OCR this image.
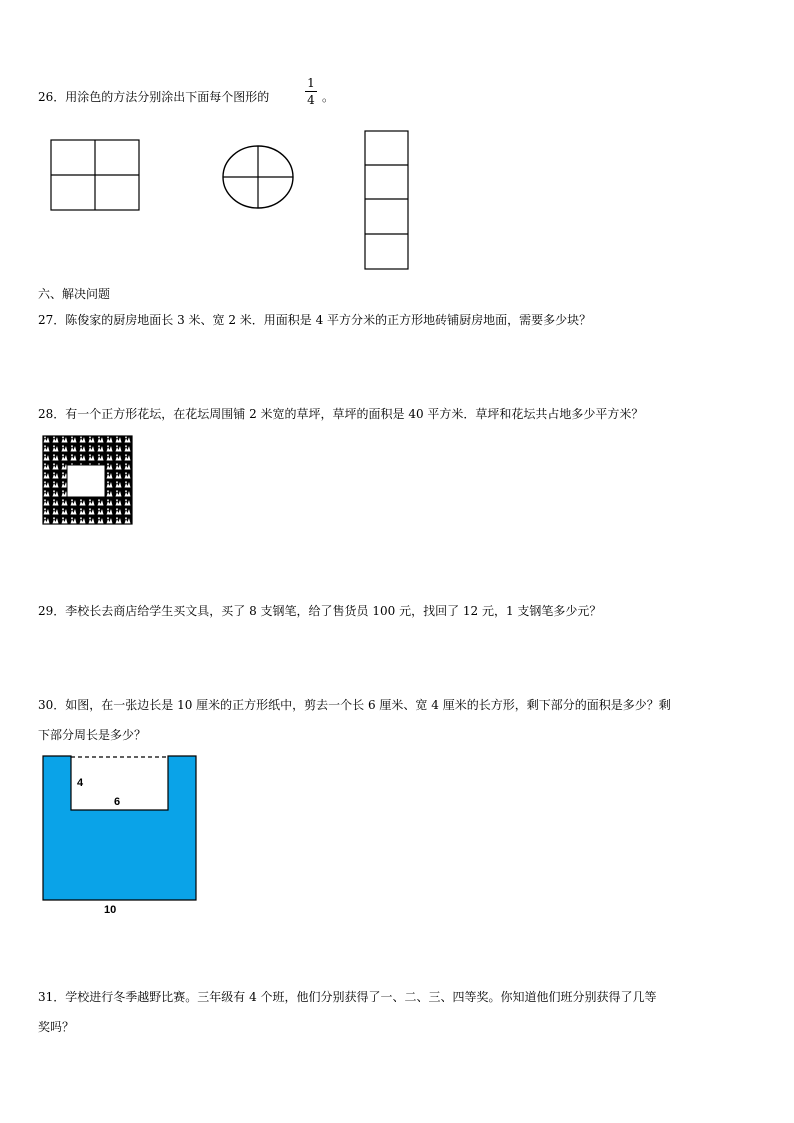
26．用涂色的方法分别涂出下面每个图形的
1
4 。
六、解决问题
27．陈俊家的厨房地面长 3 米、宽 2 米．用面积是 4 平方分米的正方形地砖铺厨房地面，需要多少块？
28．有一个正方形花坛，在花坛周围铺 2 米宽的草坪，草坪的面积是 40 平方米．草坪和花坛共占地多少平方米？
29．李校长去商店给学生买文具，买了 8 支钢笔，给了售货员 100 元，找回了 12 元，1 支钢笔多少元？
30．如图，在一张边长是 10 厘米的正方形纸中，剪去一个长 6 厘米、宽 4 厘米的长方形，剩下部分的面积是多少？剩
下部分周长是多少？
4
6
10
31．学校进行冬季越野比赛。三年级有 4 个班，他们分别获得了一、二、三、四等奖。你知道他们班分别获得了几等
奖吗？
